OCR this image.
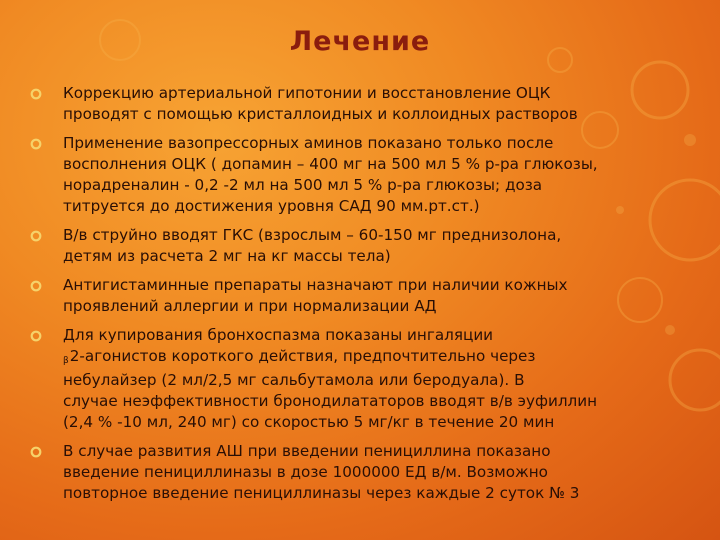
Лечение
Коррекцию артериальной гипотонии и восстановление ОЦК
проводят с помощью кристаллоидных и коллоидных растворов
Применение вазопрессорных аминов показано только после
восполнения ОЦК ( допамин – 400 мг на 500 мл 5 % р-ра глюкозы,
норадреналин - 0,2 -2 мл на 500 мл 5 % р-ра глюкозы; доза
титруется до достижения уровня САД 90 мм.рт.ст.)
В/в струйно вводят ГКС (взрослым – 60-150 мг преднизолона,
детям из расчета 2 мг на кг массы тела)
Антигистаминные препараты назначают при наличии кожных
проявлений аллергии и при нормализации АД
Для купирования бронхоспазма показаны ингаляции
β2-агонистов короткого действия, предпочтительно через
небулайзер (2 мл/2,5 мг сальбутамола или беродуала). В
случае неэффективности бронодилататоров вводят в/в эуфиллин
(2,4 % -10 мл, 240 мг) со скоростью 5 мг/кг в течение 20 мин
В случае развития АШ при введении пенициллина показано
введение пенициллиназы в дозе 1000000 ЕД в/м. Возможно
повторное введение пенициллиназы через каждые 2 суток № 3
